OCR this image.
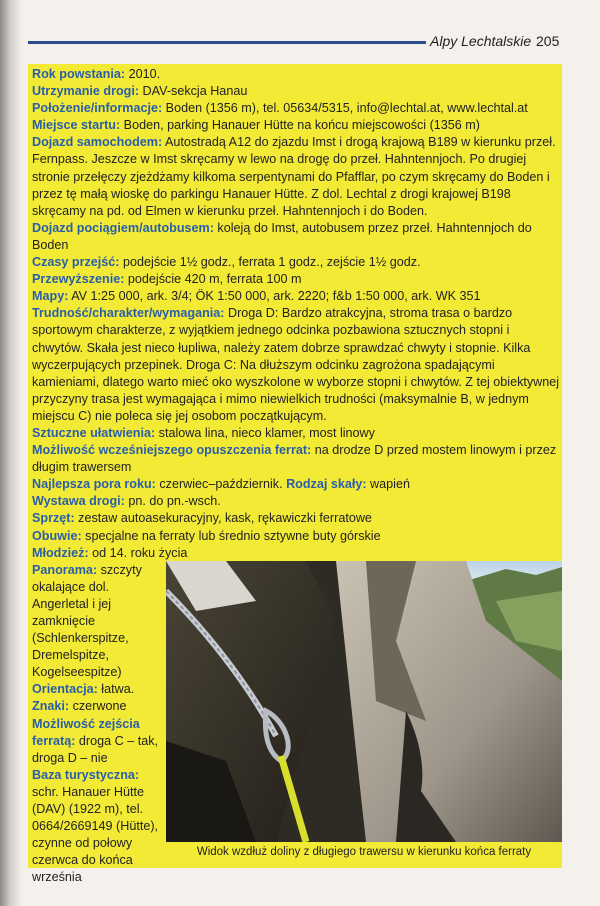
Alpy Lechtalskie 205

Rok powstania: 2010.

Utrzymanie drogi: DAV-sekcja Hanau

Położenie/informacje: Boden (1356 m), tel. 05634/5315, info@lechtal.at, www.lechtal.at

Miejsce startu: Boden, parking Hanauer Hütte na końcu miejscowości (1356 m)

Dojazd samochodem: Autostradą A12 do zjazdu Imst i drogą krajową B189 w kierunku przeł. Fernpass. Jeszcze w Imst skręcamy w lewo na drogę do przeł. Hahntennjoch. Po drugiej stronie przełęczy zjeżdżamy kilkoma serpentynami do Pfafflar, po czym skręcamy do Boden i przez tę małą wioskę do parkingu Hanauer Hütte. Z dol. Lechtal z drogi krajowej B198 skręcamy na pd. od Elmen w kierunku przeł. Hahntennjoch i do Boden.

Dojazd pociągiem/autobusem: koleją do Imst, autobusem przez przeł. Hahntennjoch do Boden

Czasy przejść: podejście 1½ godz., ferrata 1 godz., zejście 1½ godz.

Przewyższenie: podejście 420 m, ferrata 100 m

Mapy: AV 1:25 000, ark. 3/4; ÖK 1:50 000, ark. 2220; f&b 1:50 000, ark. WK 351

Trudność/charakter/wymagania: Droga D: Bardzo atrakcyjna, stroma trasa o bardzo sportowym charakterze, z wyjątkiem jednego odcinka pozbawiona sztucznych stopni i chwytów. Skała jest nieco łupliwa, należy zatem dobrze sprawdzać chwyty i stopnie. Kilka wyczerpujących przepinek. Droga C: Na dłuższym odcinku zagrożona spadającymi kamieniami, dlatego warto mieć oko wyszkolone w wyborze stopni i chwytów. Z tej obiektywnej przyczyny trasa jest wymagająca i mimo niewielkich trudności (maksymalnie B, w jednym miejscu C) nie poleca się jej osobom początkującym.

Sztuczne ułatwienia: stalowa lina, nieco klamer, most linowy

Możliwość wcześniejszego opuszczenia ferrat: na drodze D przed mostem linowym i przez długim trawersem

Najlepsza pora roku: czerwiec–październik. Rodzaj skały: wapień

Wystawa drogi: pn. do pn.-wsch.

Sprzęt: zestaw autoasekuracyjny, kask, rękawiczki ferratowe

Obuwie: specjalne na ferraty lub średnio sztywne buty górskie

Młodzież: od 14. roku życia

Panorama: szczyty okalające dol. Angerletal i jej zamknięcie (Schlenkerspitze, Dremelspitze, Kogelseespitze)

Orientacja: łatwa.

Znaki: czerwone

Możliwość zejścia ferratą: droga C – tak, droga D – nie

Baza turystyczna: schr. Hanauer Hütte (DAV) (1922 m), tel. 0664/2669149 (Hütte), czynne od połowy czerwca do końca września

Widok wzdłuż doliny z długiego trawersu w kierunku końca ferraty
